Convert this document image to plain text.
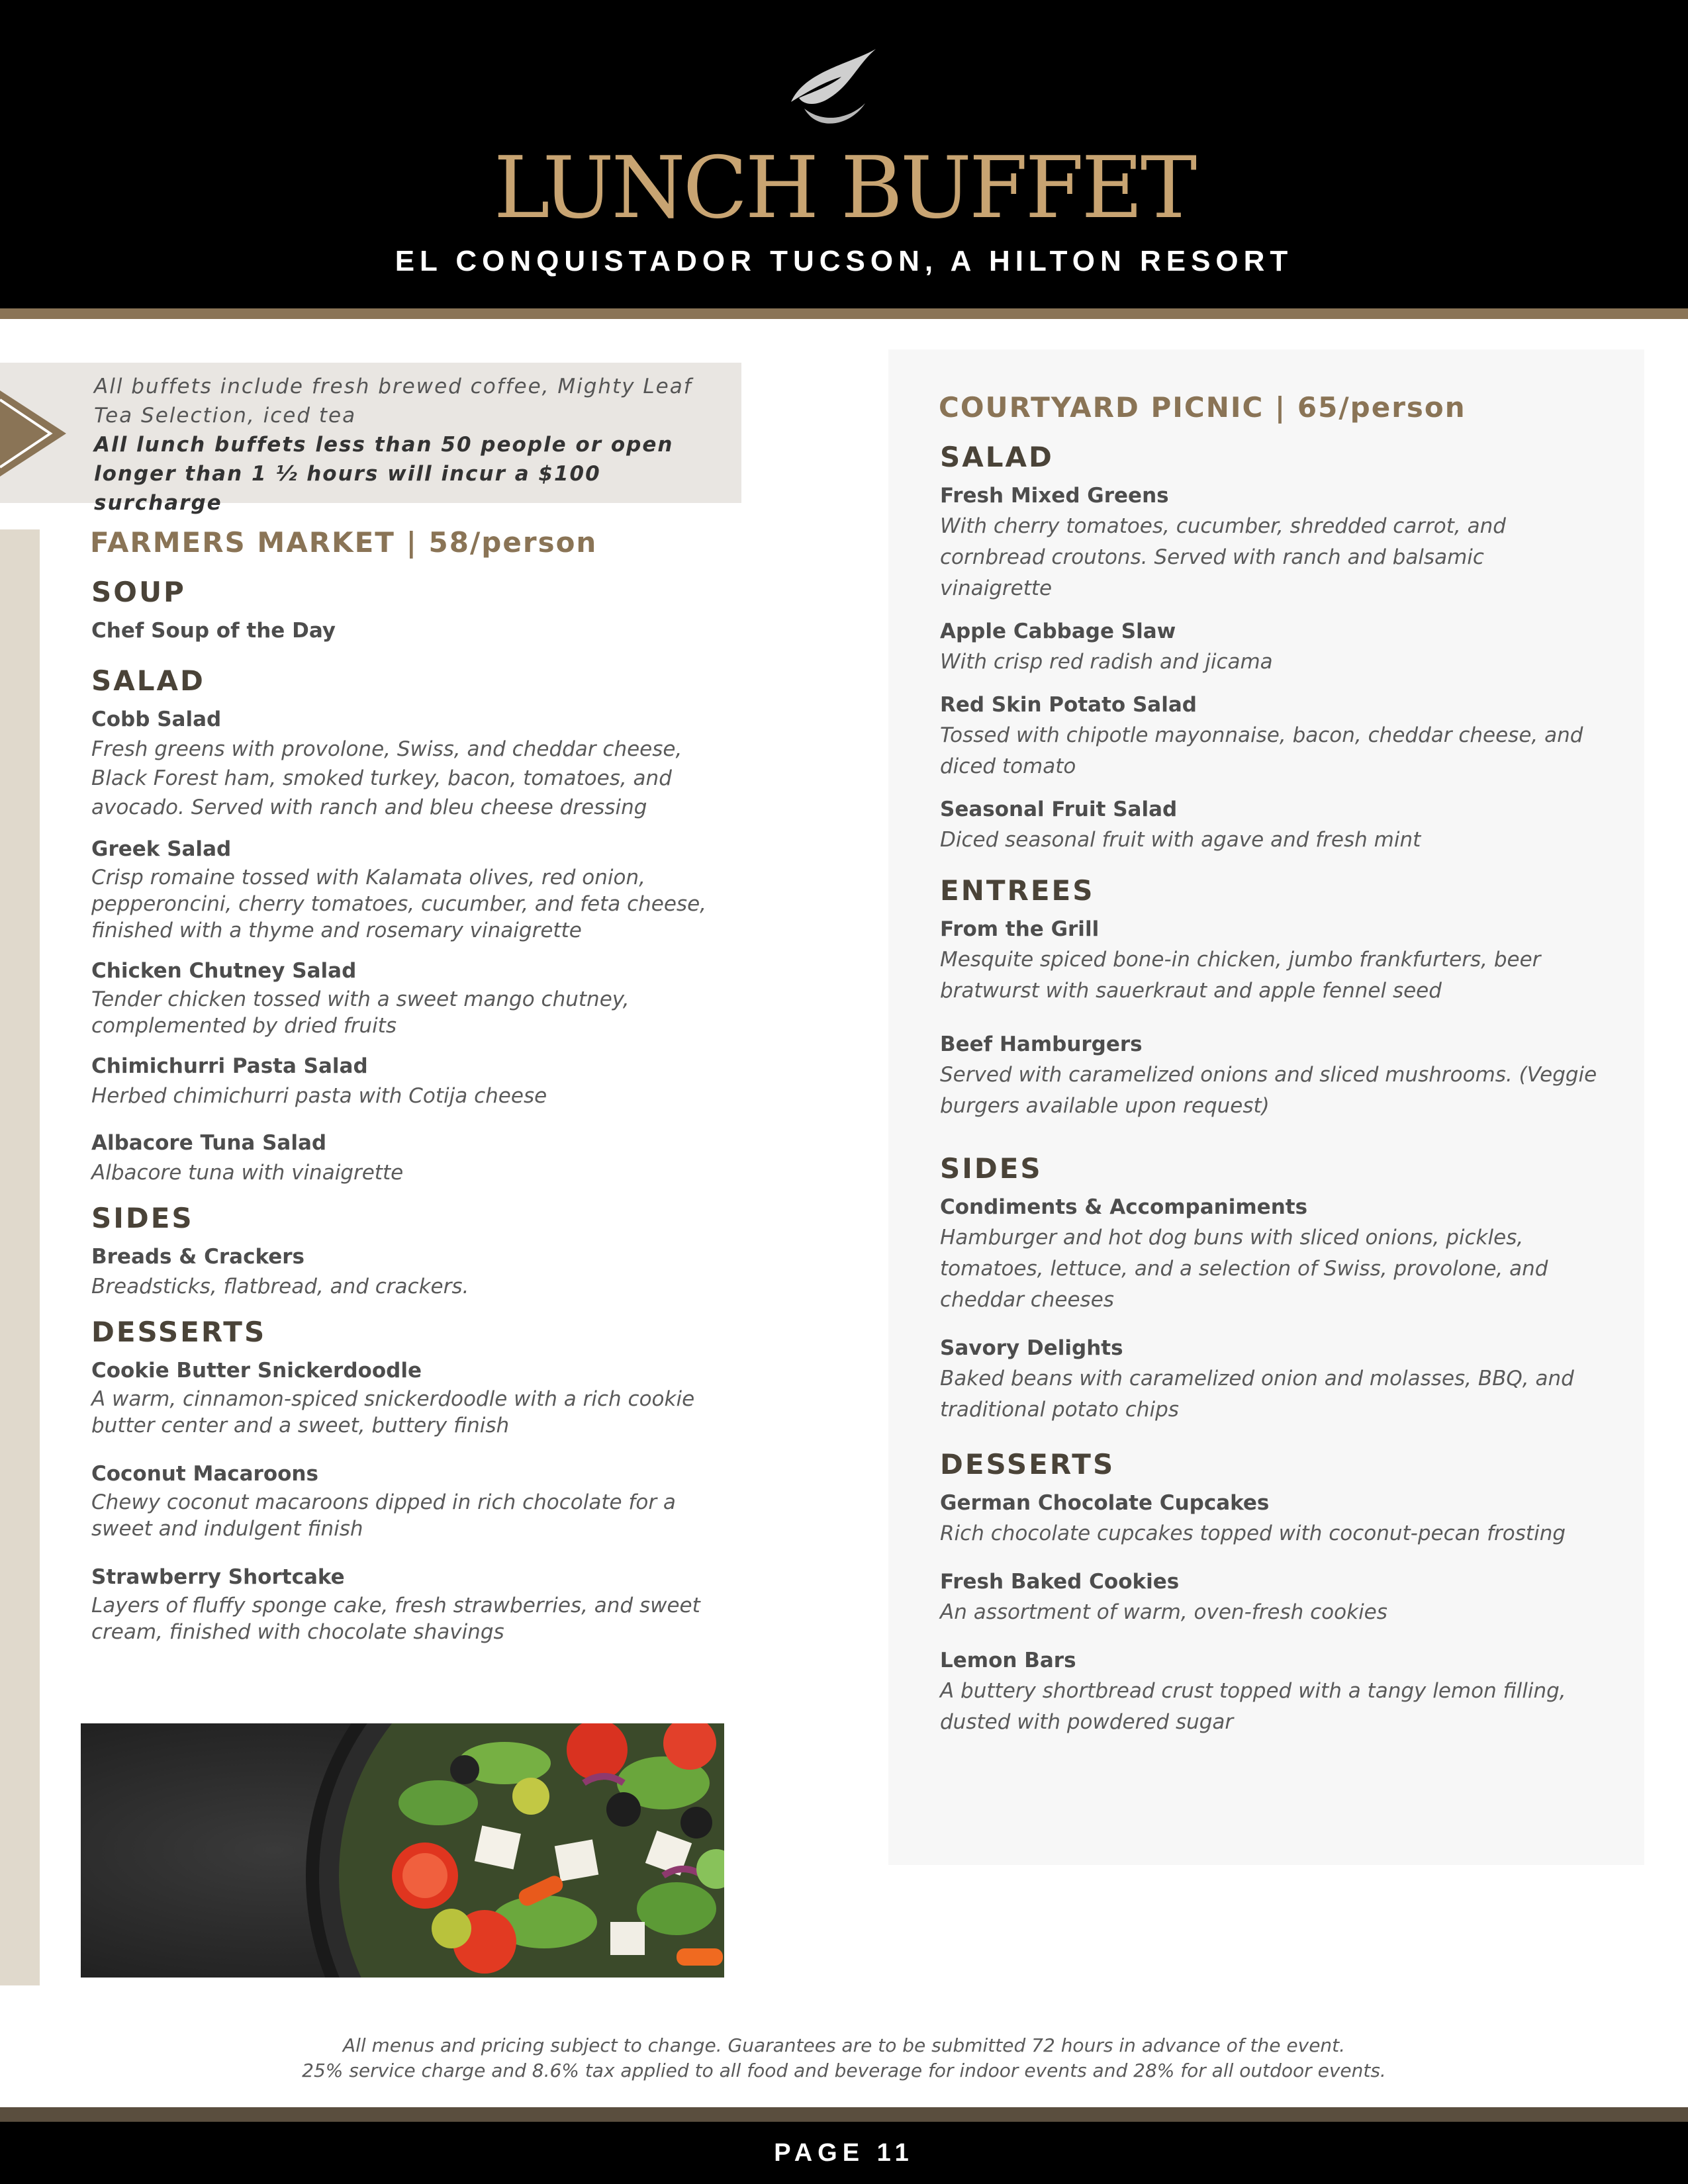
LUNCH BUFFET
EL CONQUISTADOR TUCSON, A HILTON RESORT
All buffets include fresh brewed coffee, Mighty Leaf Tea Selection, iced tea
All lunch buffets less than 50 people or open longer than 1 ½ hours will incur a $100 surcharge
FARMERS MARKET | 58/person
SOUP
Chef Soup of the Day
SALAD
Cobb Salad
Fresh greens with provolone, Swiss, and cheddar cheese, Black Forest ham, smoked turkey, bacon, tomatoes, and avocado. Served with ranch and bleu cheese dressing
Greek Salad
Crisp romaine tossed with Kalamata olives, red onion, pepperoncini, cherry tomatoes, cucumber, and feta cheese, finished with a thyme and rosemary vinaigrette
Chicken Chutney Salad
Tender chicken tossed with a sweet mango chutney, complemented by dried fruits
Chimichurri Pasta Salad
Herbed chimichurri pasta with Cotija cheese
Albacore Tuna Salad
Albacore tuna with vinaigrette
SIDES
Breads & Crackers
Breadsticks, flatbread, and crackers.
DESSERTS
Cookie Butter Snickerdoodle
A warm, cinnamon-spiced snickerdoodle with a rich cookie butter center and a sweet, buttery finish
Coconut Macaroons
Chewy coconut macaroons dipped in rich chocolate for a sweet and indulgent finish
Strawberry Shortcake
Layers of fluffy sponge cake, fresh strawberries, and sweet cream, finished with chocolate shavings
COURTYARD PICNIC | 65/person
SALAD
Fresh Mixed Greens
With cherry tomatoes, cucumber, shredded carrot, and cornbread croutons. Served with ranch and balsamic vinaigrette
Apple Cabbage Slaw
With crisp red radish and jicama
Red Skin Potato Salad
Tossed with chipotle mayonnaise, bacon, cheddar cheese, and diced tomato
Seasonal Fruit Salad
Diced seasonal fruit with agave and fresh mint
ENTREES
From the Grill
Mesquite spiced bone-in chicken, jumbo frankfurters, beer bratwurst with sauerkraut and apple fennel seed
Beef Hamburgers
Served with caramelized onions and sliced mushrooms. (Veggie burgers available upon request)
SIDES
Condiments & Accompaniments
Hamburger and hot dog buns with sliced onions, pickles, tomatoes, lettuce, and a selection of Swiss, provolone, and cheddar cheeses
Savory Delights
Baked beans with caramelized onion and molasses, BBQ, and traditional potato chips
DESSERTS
German Chocolate Cupcakes
Rich chocolate cupcakes topped with coconut-pecan frosting
Fresh Baked Cookies
An assortment of warm, oven-fresh cookies
Lemon Bars
A buttery shortbread crust topped with a tangy lemon filling, dusted with powdered sugar
All menus and pricing subject to change. Guarantees are to be submitted 72 hours in advance of the event.
25% service charge and 8.6% tax applied to all food and beverage for indoor events and 28% for all outdoor events.
PAGE 11
